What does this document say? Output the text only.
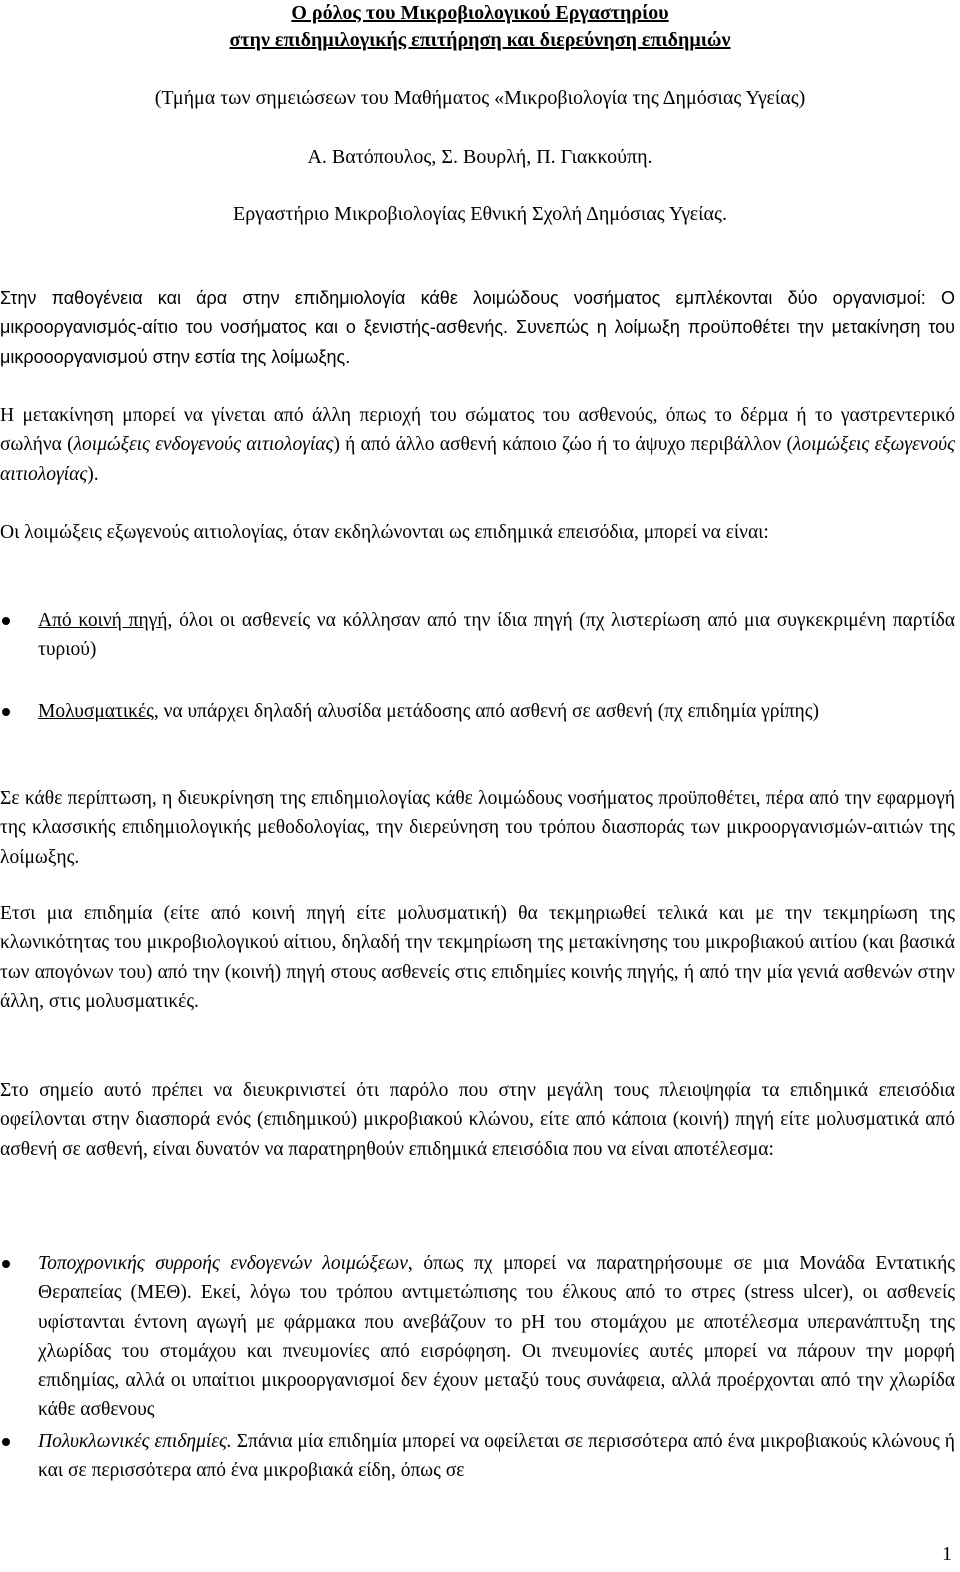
Ο ρόλος του Μικροβιολογικού Εργαστηρίου
στην επιδημιλογικής επιτήρηση και διερεύνηση επιδημιών
(Τμήμα των σημειώσεων του Μαθήματος «Μικροβιολογία της Δημόσιας Υγείας)
Α. Βατόπουλος, Σ. Βουρλή, Π. Γιακκούπη.
Εργαστήριο Μικροβιολογίας Εθνική Σχολή Δημόσιας Υγείας.

Στην παθογένεια και άρα στην επιδημιολογία κάθε λοιμώδους νοσήματος εμπλέκονται δύο οργανισμοί: Ο μικροοργανισμός-αίτιο του νοσήματος και ο ξενιστής-ασθενής. Συνεπώς η λοίμωξη προϋποθέτει την μετακίνηση του μικροοοργανισμού στην εστία της λοίμωξης.

Η μετακίνηση μπορεί να γίνεται από άλλη περιοχή του σώματος του ασθενούς, όπως το δέρμα ή το γαστρεντερικό σωλήνα (λοιμώξεις ενδογενούς αιτιολογίας) ή από άλλο ασθενή κάποιο ζώο ή το άψυχο περιβάλλον (λοιμώξεις εξωγενούς αιτιολογίας).

Οι λοιμώξεις εξωγενούς αιτιολογίας, όταν εκδηλώνονται ως επιδημικά επεισόδια, μπορεί να είναι:

Από κοινή πηγή, όλοι οι ασθενείς να κόλλησαν από την ίδια πηγή (πχ λιστερίωση από μια συγκεκριμένη παρτίδα τυριού)

Μολυσματικές, να υπάρχει δηλαδή αλυσίδα μετάδοσης από ασθενή σε ασθενή (πχ επιδημία γρίπης)

Σε κάθε περίπτωση, η διευκρίνηση της επιδημιολογίας κάθε λοιμώδους νοσήματος προϋποθέτει, πέρα από την εφαρμογή της κλασσικής επιδημιολογικής μεθοδολογίας, την διερεύνηση του τρόπου διασποράς των μικροοργανισμών-αιτιών της λοίμωξης.

Ετσι μια επιδημία (είτε από κοινή πηγή είτε μολυσματική) θα τεκμηριωθεί τελικά και με την τεκμηρίωση της κλωνικότητας του μικροβιολογικού αίτιου, δηλαδή την τεκμηρίωση της μετακίνησης του μικροβιακού αιτίου (και βασικά των απογόνων του) από την (κοινή) πηγή στους ασθενείς στις επιδημίες κοινής πηγής, ή από την μία γενιά ασθενών στην άλλη, στις μολυσματικές.

Στο σημείο αυτό πρέπει να διευκρινιστεί ότι παρόλο που στην μεγάλη τους πλειοψηφία τα επιδημικά επεισόδια οφείλονται στην διασπορά ενός (επιδημικού) μικροβιακού κλώνου, είτε από κάποια (κοινή) πηγή είτε μολυσματικά από ασθενή σε ασθενή, είναι δυνατόν να παρατηρηθούν επιδημικά επεισόδια που να είναι αποτέλεσμα:

Τοποχρονικής συρροής ενδογενών λοιμώξεων, όπως πχ μπορεί να παρατηρήσουμε σε μια Μονάδα Εντατικής Θεραπείας (ΜΕΘ). Εκεί, λόγω του τρόπου αντιμετώπισης του έλκους από το στρες (stress ulcer), οι ασθενείς υφίστανται έντονη αγωγή με φάρμακα που ανεβάζουν το pH του στομάχου με αποτέλεσμα υπερανάπτυξη της χλωρίδας του στομάχου και πνευμονίες από εισρόφηση. Οι πνευμονίες αυτές μπορεί να πάρουν την μορφή επιδημίας, αλλά οι υπαίτιοι μικροοργανισμοί δεν έχουν μεταξύ τους συνάφεια, αλλά προέρχονται από την χλωρίδα κάθε ασθενους

Πολυκλωνικές επιδημίες. Σπάνια μία επιδημία μπορεί να οφείλεται σε περισσότερα από ένα μικροβιακούς κλώνους ή και σε περισσότερα από ένα μικροβιακά είδη, όπως σε

1
